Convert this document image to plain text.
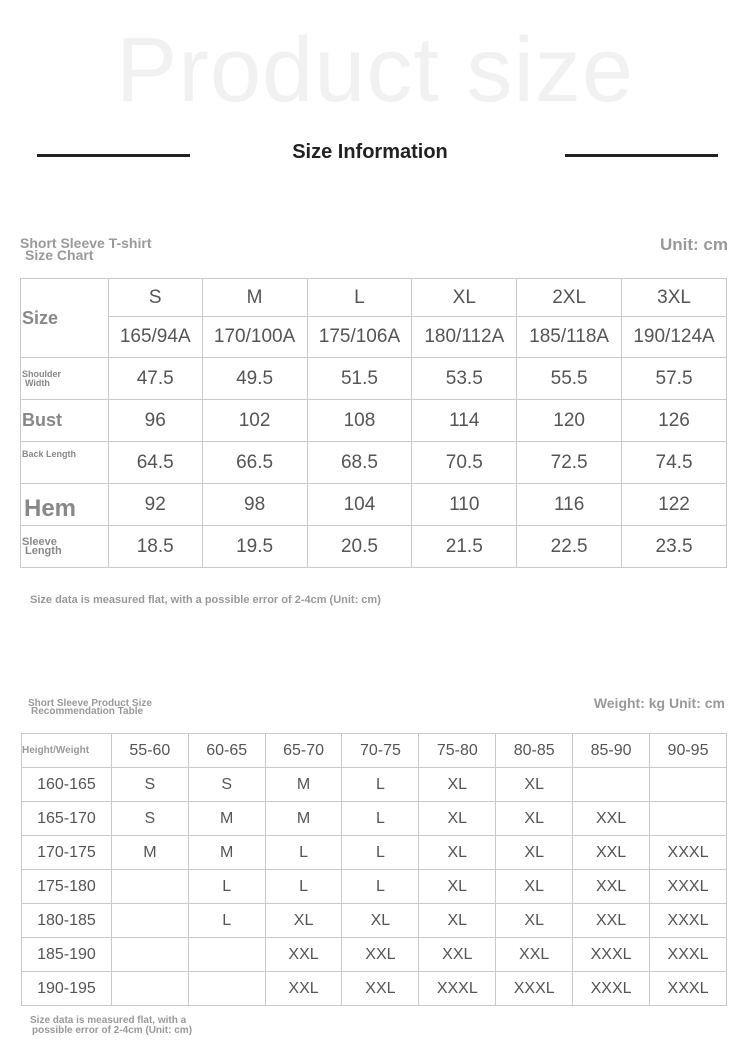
Product size
Size Information
Short Sleeve T-shirt
Size Chart
Unit: cm
Size	S	M	L	XL	2XL	3XL
	165/94A	170/100A	175/106A	180/112A	185/118A	190/124A

Shoulder
Width	47.5	49.5	51.5	53.5	55.5	57.5
Bust	96	102	108	114	120	126
Back Length	64.5	66.5	68.5	70.5	72.5	74.5
Hem	92	98	104	110	116	122

Sleeve
Length	18.5	19.5	20.5	21.5	22.5	23.5
Size data is measured flat, with a possible error of 2-4cm (Unit: cm)
Short Sleeve Product Size
Recommendation Table
Weight: kg Unit: cm
Height/Weight	55-60	60-65	65-70	70-75	75-80	80-85	85-90	90-95
160-165	S	S	M	L	XL	XL		
165-170	S	M	M	L	XL	XL	XXL	
170-175	M	M	L	L	XL	XL	XXL	XXXL
175-180		L	L	L	XL	XL	XXL	XXXL
180-185		L	XL	XL	XL	XL	XXL	XXXL
185-190			XXL	XXL	XXL	XXL	XXXL	XXXL
190-195			XXL	XXL	XXXL	XXXL	XXXL	XXXL
Size data is measured flat, with a
possible error of 2-4cm (Unit: cm)
